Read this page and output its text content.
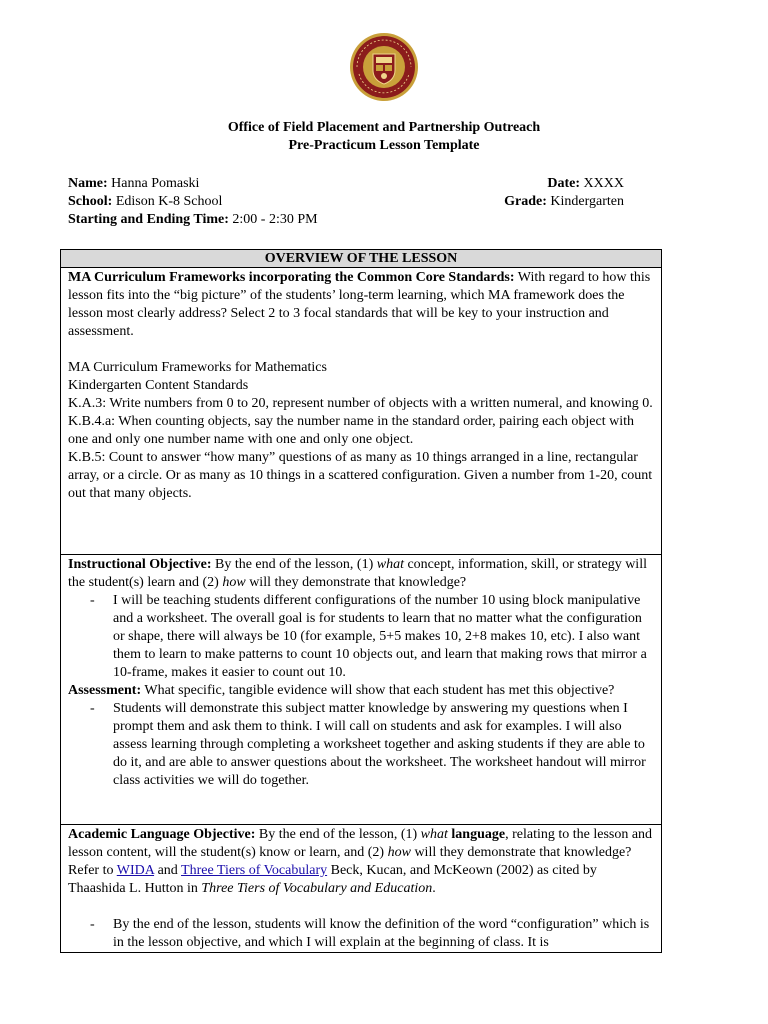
Office of Field Placement and Partnership Outreach
Pre-Practicum Lesson Template
Name: Hanna Pomaski	Date: XXXX
School: Edison K-8 School	Grade: Kindergarten
Starting and Ending Time: 2:00 - 2:30 PM
OVERVIEW OF THE LESSON

MA Curriculum Frameworks incorporating the Common Core Standards: With regard to how this lesson fits into the “big picture” of the students’ long-term learning, which MA framework does the lesson most clearly address? Select 2 to 3 focal standards that will be key to your instruction and assessment.

MA Curriculum Frameworks for Mathematics

Kindergarten Content Standards

K.A.3: Write numbers from 0 to 20, represent number of objects with a written numeral, and knowing 0.

K.B.4.a: When counting objects, say the number name in the standard order, pairing each object with one and only one number name with one and only one object.

K.B.5: Count to answer “how many” questions of as many as 10 things arranged in a line, rectangular array, or a circle. Or as many as 10 things in a scattered configuration. Given a number from 1-20, count out that many objects.

Instructional Objective: By the end of the lesson, (1) what concept, information, skill, or strategy will the student(s) learn and (2) how will they demonstrate that knowledge?

- I will be teaching students different configurations of the number 10 using block manipulative and a worksheet. The overall goal is for students to learn that no matter what the configuration or shape, there will always be 10 (for example, 5+5 makes 10, 2+8 makes 10, etc). I also want them to learn to make patterns to count 10 objects out, and learn that making rows that mirror a 10-frame, makes it easier to count out 10.

Assessment: What specific, tangible evidence will show that each student has met this objective?

- Students will demonstrate this subject matter knowledge by answering my questions when I prompt them and ask them to think. I will call on students and ask for examples. I will also assess learning through completing a worksheet together and asking students if they are able to do it, and are able to answer questions about the worksheet. The worksheet handout will mirror class activities we will do together.

Academic Language Objective: By the end of the lesson, (1) what language, relating to the lesson and lesson content, will the student(s) know or learn, and (2) how will they demonstrate that knowledge? Refer to WIDA and Three Tiers of Vocabulary Beck, Kucan, and McKeown (2002) as cited by Thaashida L. Hutton in Three Tiers of Vocabulary and Education.

- By the end of the lesson, students will know the definition of the word “configuration” which is in the lesson objective, and which I will explain at the beginning of class. It is
